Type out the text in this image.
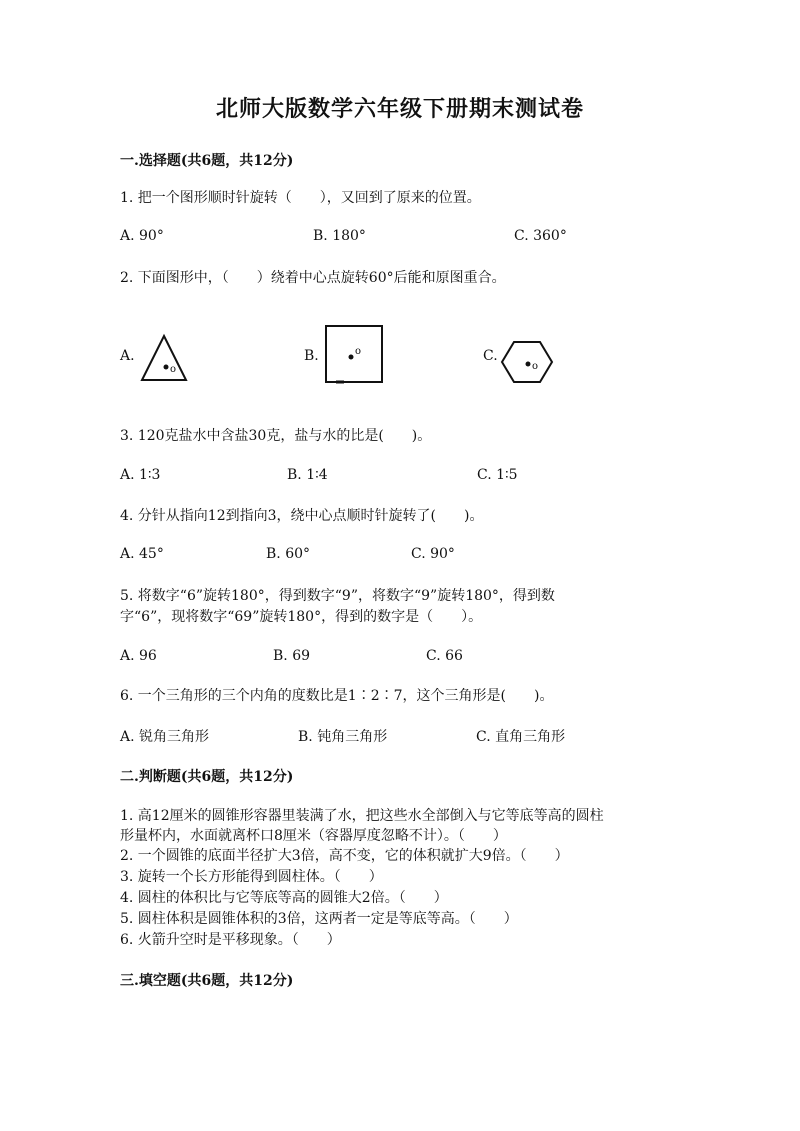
北师大版数学六年级下册期末测试卷
一.选择题(共6题，共12分)
1. 把一个图形顺时针旋转（　　），又回到了原来的位置。
A. 90°	B. 180°	C. 360°
2. 下面图形中，（　　）绕着中心点旋转60°后能和原图重合。
A.
o
B.	o	C.
o
3. 120克盐水中含盐30克，盐与水的比是(　　)。
A. 1∶3	B. 1∶4	C. 1∶5
4. 分针从指向12到指向3，绕中心点顺时针旋转了(　　)。
A. 45°	B. 60°	C. 90°
5. 将数字“6”旋转180°，得到数字“9”，将数字“9”旋转180°，得到数
字“6”，现将数字“69”旋转180°，得到的数字是（　　）。
A. 96	B. 69	C. 66
6. 一个三角形的三个内角的度数比是1∶2∶7，这个三角形是(　　)。
A. 锐角三角形	B. 钝角三角形	C. 直角三角形
二.判断题(共6题，共12分)
1. 高12厘米的圆锥形容器里装满了水，把这些水全部倒入与它等底等高的圆柱
形量杯内，水面就离杯口8厘米（容器厚度忽略不计）。（　　）
2. 一个圆锥的底面半径扩大3倍，高不变，它的体积就扩大9倍。（　　）
3. 旋转一个长方形能得到圆柱体。（　　）
4. 圆柱的体积比与它等底等高的圆锥大2倍。（　　）
5. 圆柱体积是圆锥体积的3倍，这两者一定是等底等高。（　　）
6. 火箭升空时是平移现象。（　　）
三.填空题(共6题，共12分)
